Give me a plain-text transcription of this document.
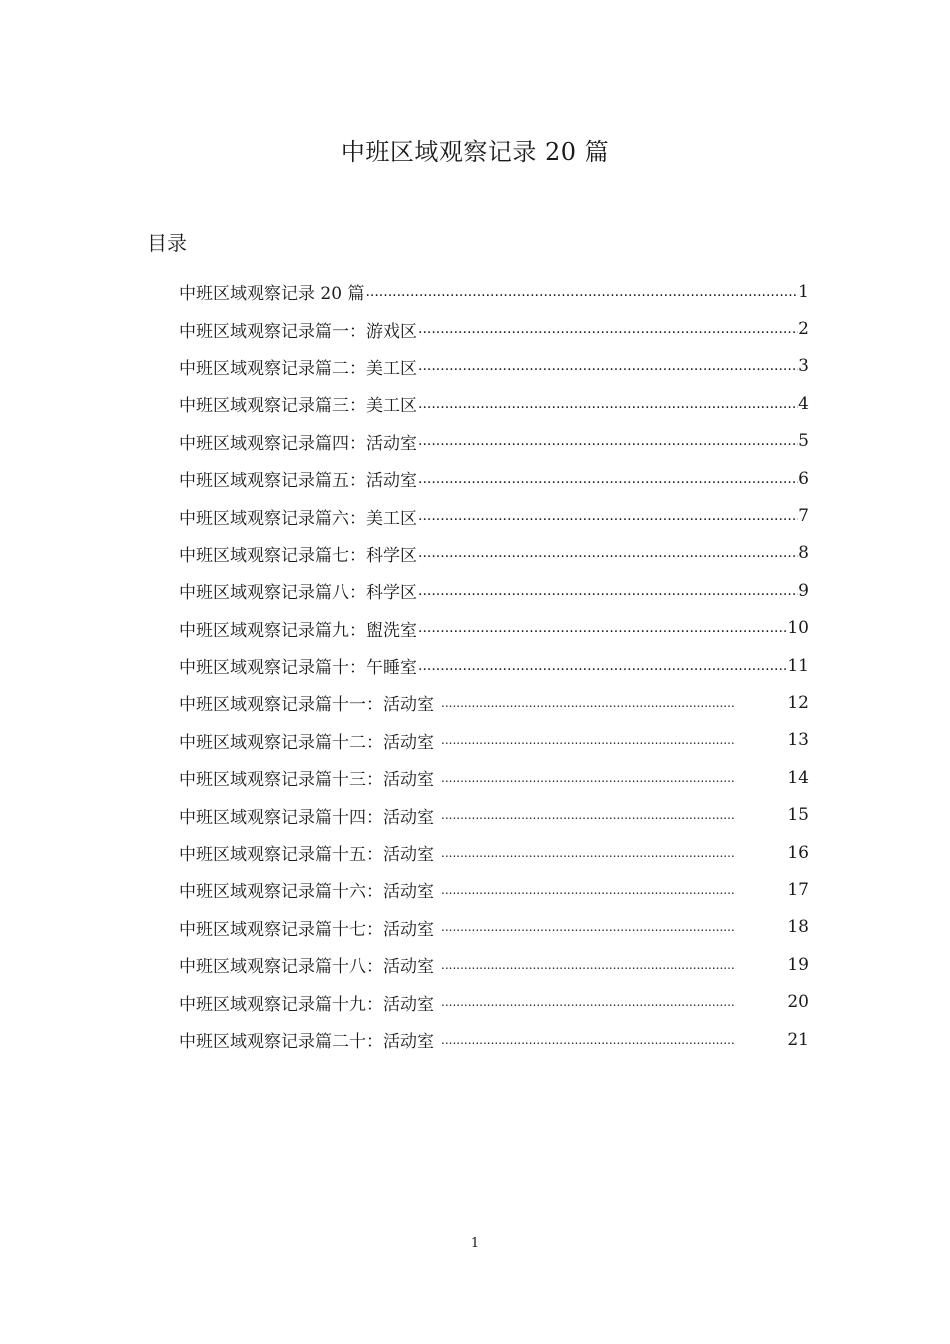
中班区域观察记录 20 篇
目录
中班区域观察记录 20 篇 .....	1
中班区域观察记录篇一：游戏区 .....	2
中班区域观察记录篇二：美工区 .....	3
中班区域观察记录篇三：美工区 .....	4
中班区域观察记录篇四：活动室 .....	5
中班区域观察记录篇五：活动室 .....	6
中班区域观察记录篇六：美工区 .....	7
中班区域观察记录篇七：科学区 .....	8
中班区域观察记录篇八：科学区 .....	9
中班区域观察记录篇九：盥洗室 .....	10
中班区域观察记录篇十：午睡室 .....	11
中班区域观察记录篇十一：活动室 .....	12
中班区域观察记录篇十二：活动室 .....	13
中班区域观察记录篇十三：活动室 .....	14
中班区域观察记录篇十四：活动室 .....	15
中班区域观察记录篇十五：活动室 .....	16
中班区域观察记录篇十六：活动室 .....	17
中班区域观察记录篇十七：活动室 .....	18
中班区域观察记录篇十八：活动室 .....	19
中班区域观察记录篇十九：活动室 .....	20
中班区域观察记录篇二十：活动室 .....	21
1
